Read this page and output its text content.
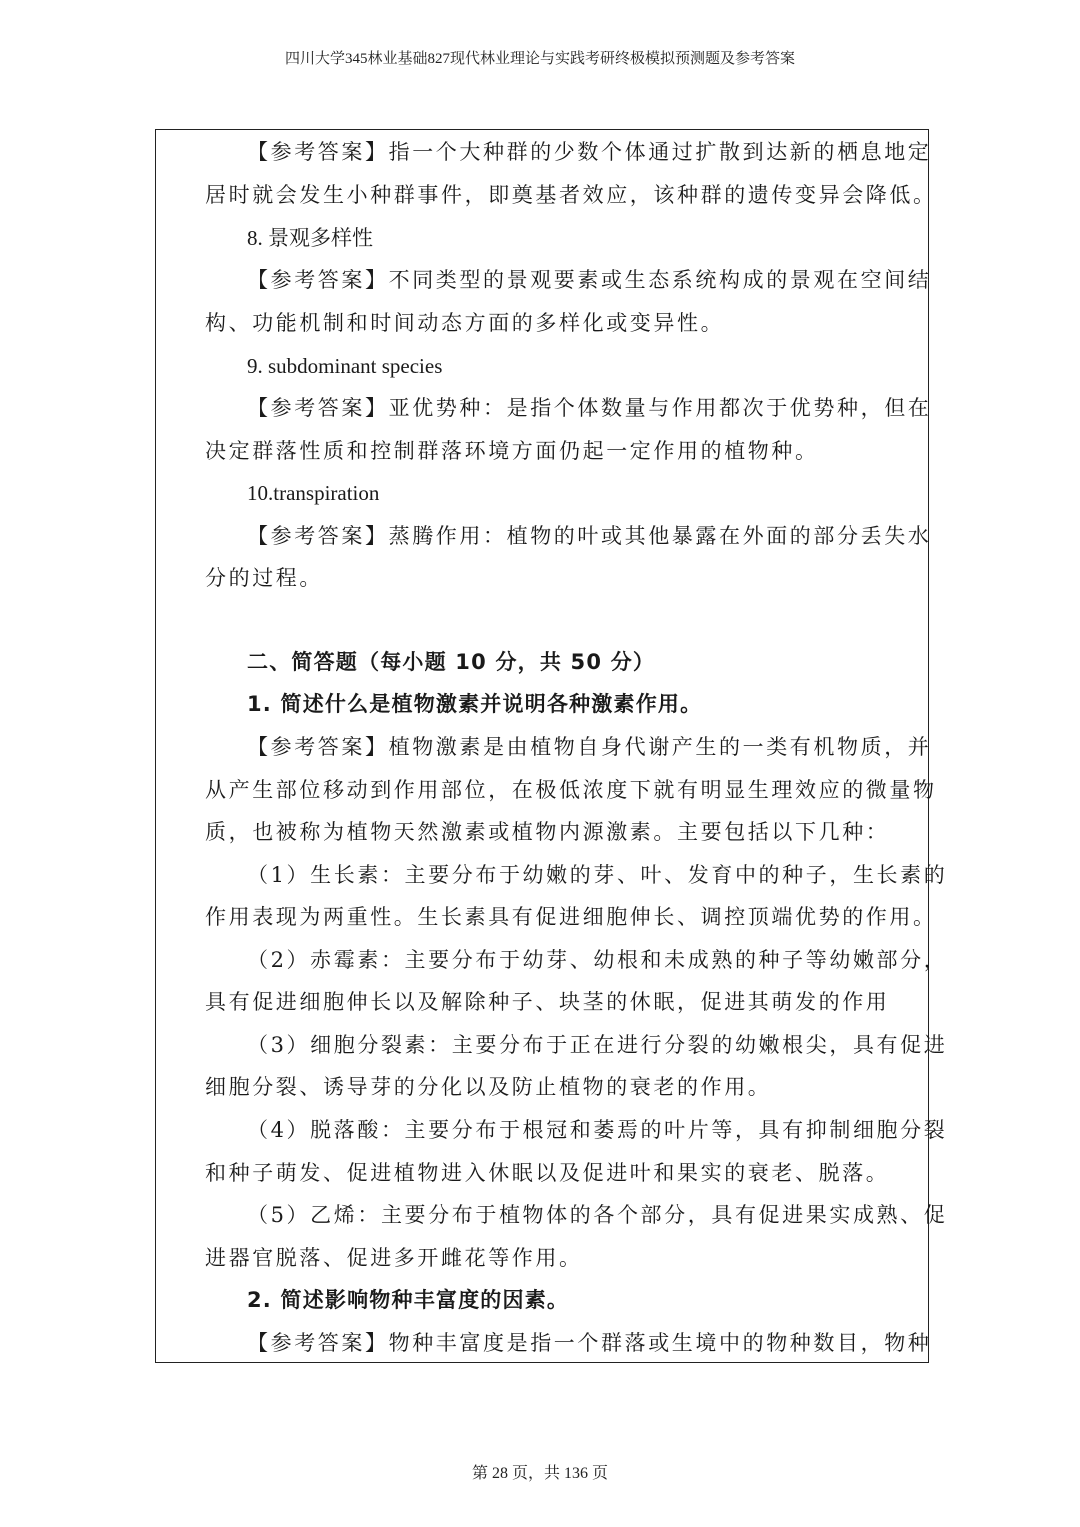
四川大学345林业基础827现代林业理论与实践考研终极模拟预测题及参考答案
【参考答案】指一个大种群的少数个体通过扩散到达新的栖息地定
居时就会发生小种群事件，即奠基者效应，该种群的遗传变异会降低。
8. 景观多样性
【参考答案】不同类型的景观要素或生态系统构成的景观在空间结
构、功能机制和时间动态方面的多样化或变异性。
9. subdominant species
【参考答案】亚优势种：是指个体数量与作用都次于优势种，但在
决定群落性质和控制群落环境方面仍起一定作用的植物种。
10.transpiration
【参考答案】蒸腾作用：植物的叶或其他暴露在外面的部分丢失水
分的过程。
二、简答题（每小题 10 分，共 50 分）
1. 简述什么是植物激素并说明各种激素作用。
【参考答案】植物激素是由植物自身代谢产生的一类有机物质，并
从产生部位移动到作用部位，在极低浓度下就有明显生理效应的微量物
质，也被称为植物天然激素或植物内源激素。主要包括以下几种：
（1）生长素：主要分布于幼嫩的芽、叶、发育中的种子，生长素的
作用表现为两重性。生长素具有促进细胞伸长、调控顶端优势的作用。
（2）赤霉素：主要分布于幼芽、幼根和未成熟的种子等幼嫩部分，
具有促进细胞伸长以及解除种子、块茎的休眠，促进其萌发的作用
（3）细胞分裂素：主要分布于正在进行分裂的幼嫩根尖，具有促进
细胞分裂、诱导芽的分化以及防止植物的衰老的作用。
（4）脱落酸：主要分布于根冠和萎焉的叶片等，具有抑制细胞分裂
和种子萌发、促进植物进入休眠以及促进叶和果实的衰老、脱落。
（5）乙烯：主要分布于植物体的各个部分，具有促进果实成熟、促
进器官脱落、促进多开雌花等作用。
2. 简述影响物种丰富度的因素。
【参考答案】物种丰富度是指一个群落或生境中的物种数目，物种
第 28 页，共 136 页
